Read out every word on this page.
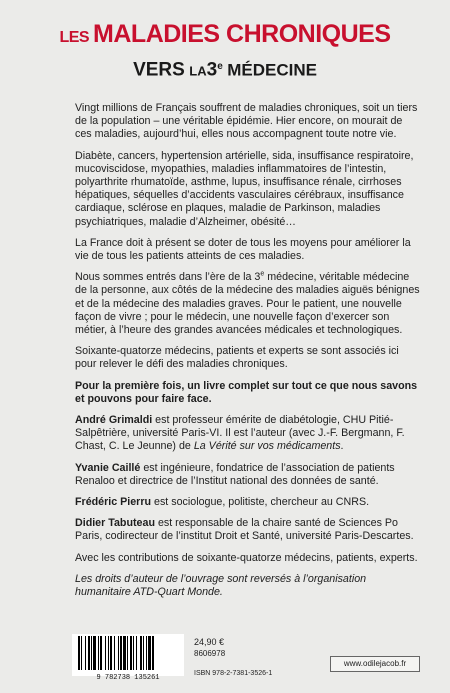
LES MALADIES CHRONIQUES
VERS LA3e MÉDECINE

Vingt millions de Français souffrent de maladies chroniques, soit un tiers de la population – une véritable épidémie. Hier encore, on mourait de ces maladies, aujourd’hui, elles nous accompagnent toute notre vie.

Diabète, cancers, hypertension artérielle, sida, insuffisance respiratoire, mucoviscidose, myopathies, maladies inflammatoires de l’intestin, polyarthrite rhumatoïde, asthme, lupus, insuffisance rénale, cirrhoses hépatiques, séquelles d’accidents vasculaires cérébraux, insuffisance cardiaque, sclérose en plaques, maladie de Parkinson, maladies psychiatriques, maladie d’Alzheimer, obésité…

La France doit à présent se doter de tous les moyens pour améliorer la vie de tous les patients atteints de ces maladies.

Nous sommes entrés dans l’ère de la 3e médecine, véritable médecine de la personne, aux côtés de la médecine des maladies aiguës bénignes et de la médecine des maladies graves. Pour le patient, une nouvelle façon de vivre ; pour le médecin, une nouvelle façon d’exercer son métier, à l’heure des grandes avancées médicales et technologiques.

Soixante-quatorze médecins, patients et experts se sont associés ici pour relever le défi des maladies chroniques.

Pour la première fois, un livre complet sur tout ce que nous savons et pouvons pour faire face.

André Grimaldi est professeur émérite de diabétologie, CHU Pitié-Salpêtrière, université Paris-VI. Il est l’auteur (avec J.-F. Bergmann, F. Chast, C. Le Jeunne) de La Vérité sur vos médicaments.

Yvanie Caillé est ingénieure, fondatrice de l’association de patients Renaloo et directrice de l’Institut national des données de santé.

Frédéric Pierru est sociologue, politiste, chercheur au CNRS.

Didier Tabuteau est responsable de la chaire santé de Sciences Po Paris, codirecteur de l’institut Droit et Santé, université Paris-Descartes.

Avec les contributions de soixante-quatorze médecins, patients, experts.

Les droits d’auteur de l’ouvrage sont reversés à l’organisation humanitaire ATD-Quart Monde.

9 782738 135261
24,90 €
8606978
ISBN 978-2-7381-3526-1
www.odilejacob.fr
